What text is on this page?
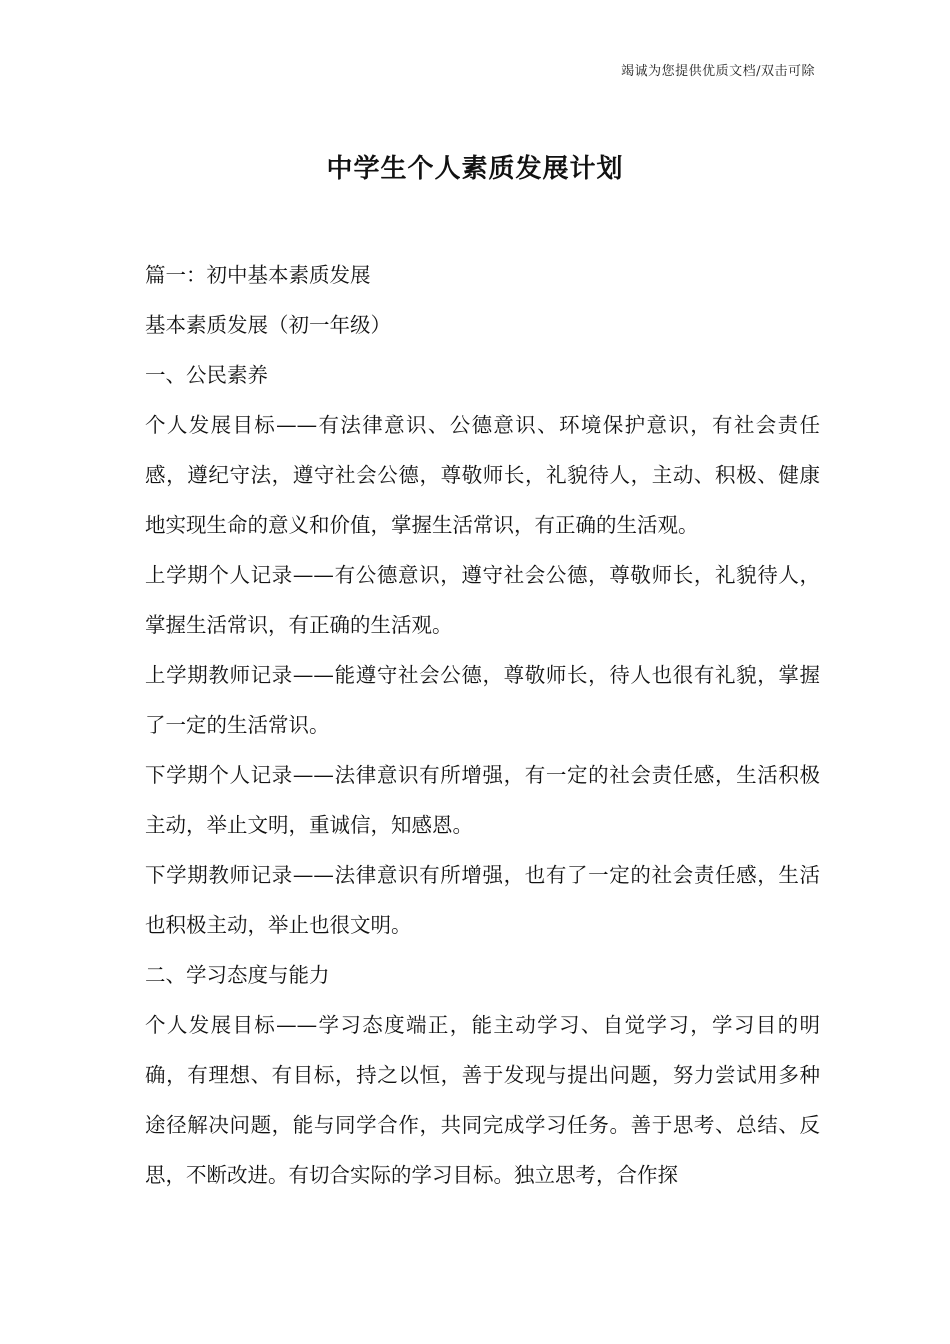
竭诚为您提供优质文档/双击可除
中学生个人素质发展计划

篇一：初中基本素质发展

基本素质发展（初一年级）

一、公民素养

个人发展目标——有法律意识、公德意识、环境保护意识，有社会责任感，遵纪守法，遵守社会公德，尊敬师长，礼貌待人，主动、积极、健康地实现生命的意义和价值，掌握生活常识，有正确的生活观。

上学期个人记录——有公德意识，遵守社会公德，尊敬师长，礼貌待人，掌握生活常识，有正确的生活观。

上学期教师记录——能遵守社会公德，尊敬师长，待人也很有礼貌，掌握了一定的生活常识。

下学期个人记录——法律意识有所增强，有一定的社会责任感，生活积极主动，举止文明，重诚信，知感恩。

下学期教师记录——法律意识有所增强，也有了一定的社会责任感，生活也积极主动，举止也很文明。

二、学习态度与能力

个人发展目标——学习态度端正，能主动学习、自觉学习，学习目的明确，有理想、有目标，持之以恒，善于发现与提出问题，努力尝试用多种途径解决问题，能与同学合作，共同完成学习任务。善于思考、总结、反思，不断改进。有切合实际的学习目标。独立思考，合作探
